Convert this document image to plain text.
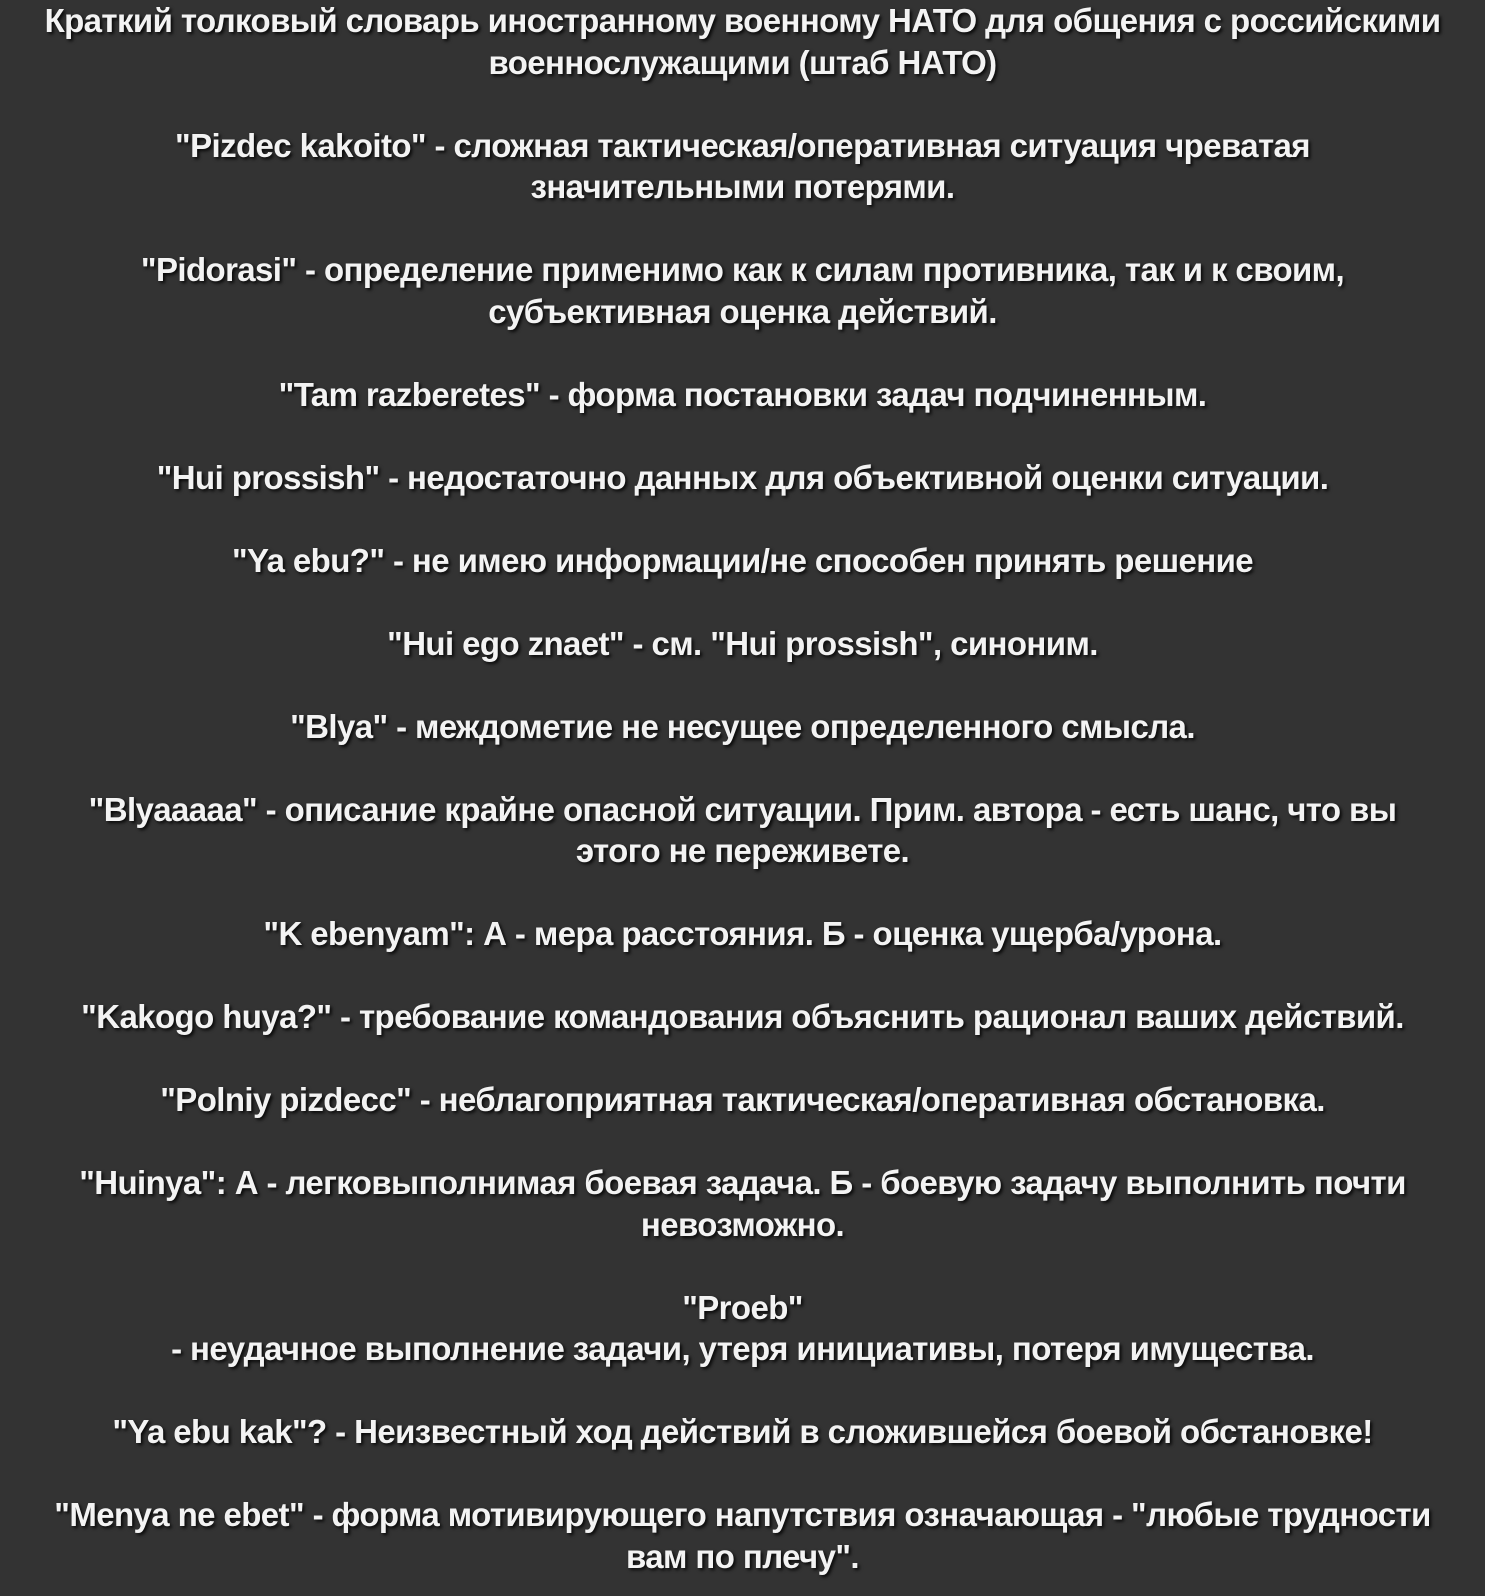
Краткий толковый словарь иностранному военному НАТО для общения с российскими
военнослужащими (штаб НАТО)
"Pizdec kakoito" - сложная тактическая/оперативная ситуация чреватая
значительными потерями.
"Pidorasi" - определение применимо как к силам противника, так и к своим,
субъективная оценка действий.
"Tam razberetes" - форма постановки задач подчиненным.
"Hui prossish" - недостаточно данных для объективной оценки ситуации.
"Ya ebu?" - не имею информации/не способен принять решение
"Hui ego znaet" - см. "Hui prossish", синоним.
"Blya" - междометие не несущее определенного смысла.
"Blyaaaaa" - описание крайне опасной ситуации. Прим. автора - есть шанс, что вы
этого не переживете.
"K ebenyam": А - мера расстояния. Б - оценка ущерба/урона.
"Kakogo huya?" - требование командования объяснить рационал ваших действий.
"Polniy pizdecc" - неблагоприятная тактическая/оперативная обстановка.
"Huinya": А - легковыполнимая боевая задача. Б - боевую задачу выполнить почти
невозможно.
"Proeb"
- неудачное выполнение задачи, утеря инициативы, потеря имущества.
"Ya ebu kak"? - Неизвестный ход действий в сложившейся боевой обстановке!
"Menya ne ebet" - форма мотивирующего напутствия означающая - "любые трудности
вам по плечу".
